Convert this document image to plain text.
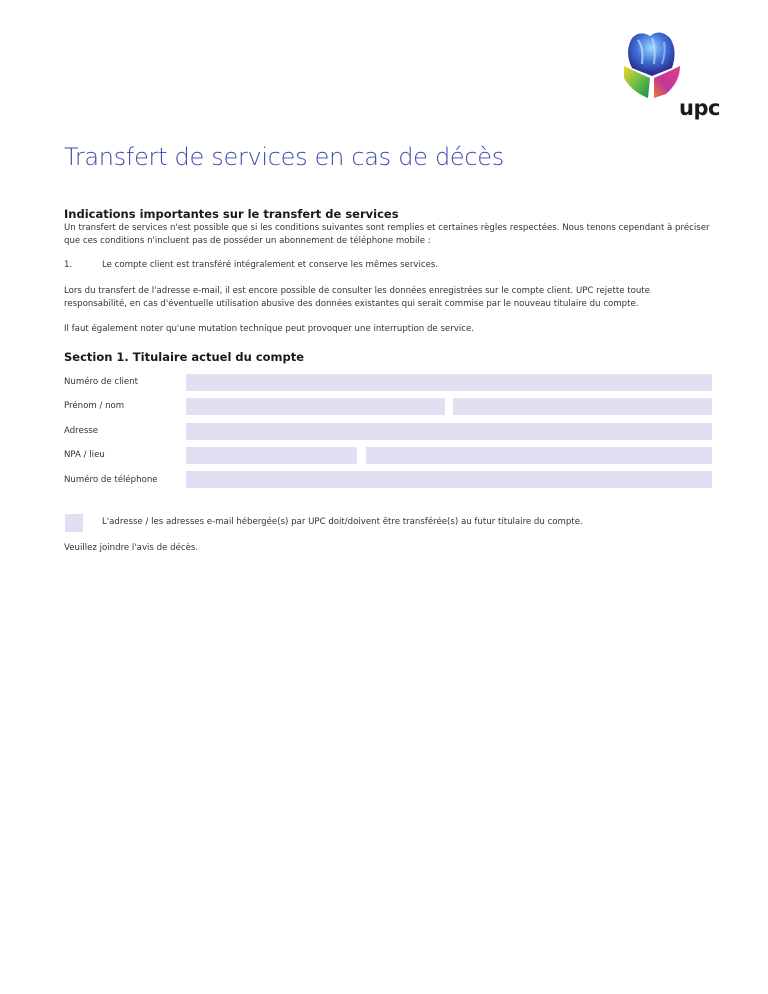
upc
Transfert de services en cas de décès
Indications importantes sur le transfert de services
Un transfert de services n'est possible que si les conditions suivantes sont remplies et certaines règles respectées. Nous tenons cependant à préciser que ces conditions n'incluent pas de posséder un abonnement de téléphone mobile :
1.	Le compte client est transféré intégralement et conserve les mêmes services.
Lors du transfert de l'adresse e-mail, il est encore possible de consulter les données enregistrées sur le compte client. UPC rejette toute responsabilité, en cas d'éventuelle utilisation abusive des données existantes qui serait commise par le nouveau titulaire du compte.
Il faut également noter qu'une mutation technique peut provoquer une interruption de service.
Section 1. Titulaire actuel du compte
Numéro de client
Prénom / nom
Adresse
NPA / lieu
Numéro de téléphone
L'adresse / les adresses e-mail hébergée(s) par UPC doit/doivent être transférée(s) au futur titulaire du compte.
Veuillez joindre l'avis de décès.
